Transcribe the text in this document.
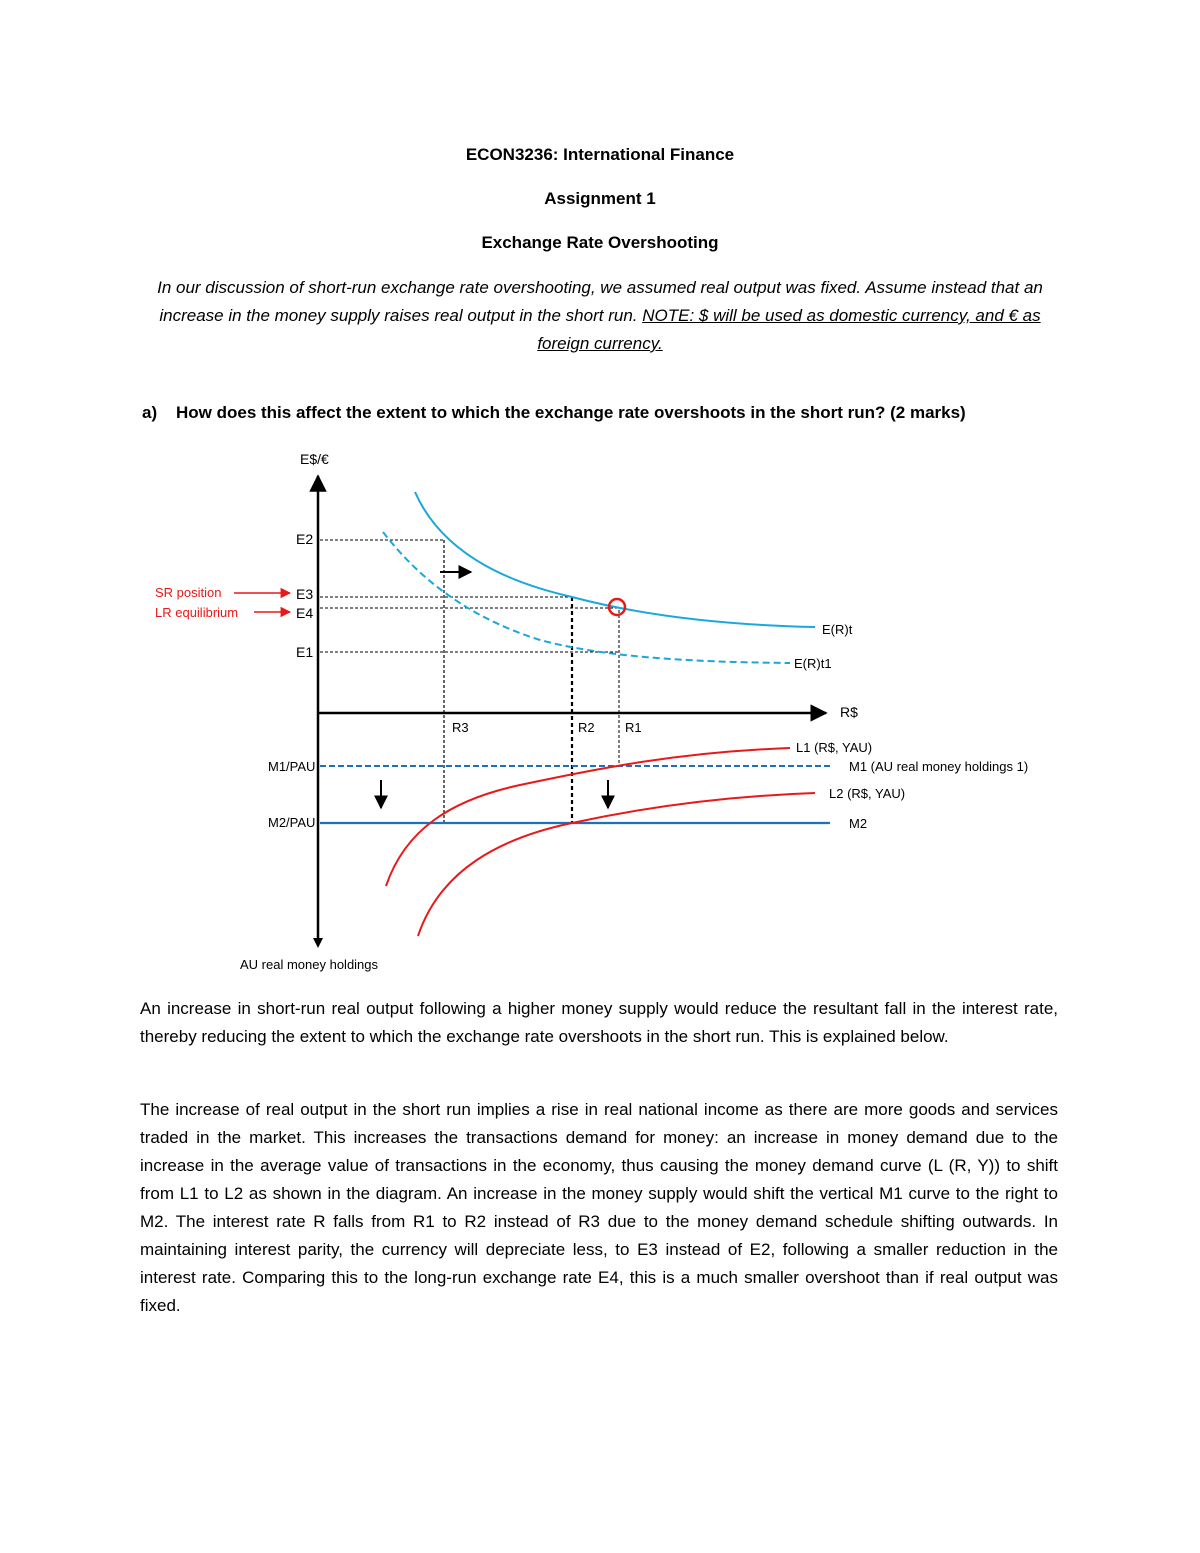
ECON3236: International Finance
Assignment 1
Exchange Rate Overshooting
In our discussion of short-run exchange rate overshooting, we assumed real output was fixed. Assume instead that an increase in the money supply raises real output in the short run. NOTE: $ will be used as domestic currency, and € as foreign currency.
a) How does this affect the extent to which the exchange rate overshoots in the short run? (2 marks)
E$/€
E2
E3
E4
E1
SR position
LR equilibrium
E(R)t
E(R)t1
R$
R3	R2 R1
L1 (R$, YAU)
M1 (AU real money holdings 1)
L2 (R$, YAU)
M2
M1/PAU
M2/PAU
AU real money holdings
An increase in short-run real output following a higher money supply would reduce the resultant fall in the interest rate, thereby reducing the extent to which the exchange rate overshoots in the short run. This is explained below.
The increase of real output in the short run implies a rise in real national income as there are more goods and services traded in the market. This increases the transactions demand for money: an increase in money demand due to the increase in the average value of transactions in the economy, thus causing the money demand curve (L (R, Y)) to shift from L1 to L2 as shown in the diagram. An increase in the money supply would shift the vertical M1 curve to the right to M2. The interest rate R falls from R1 to R2 instead of R3 due to the money demand schedule shifting outwards. In maintaining interest parity, the currency will depreciate less, to E3 instead of E2, following a smaller reduction in the interest rate. Comparing this to the long-run exchange rate E4, this is a much smaller overshoot than if real output was fixed.
